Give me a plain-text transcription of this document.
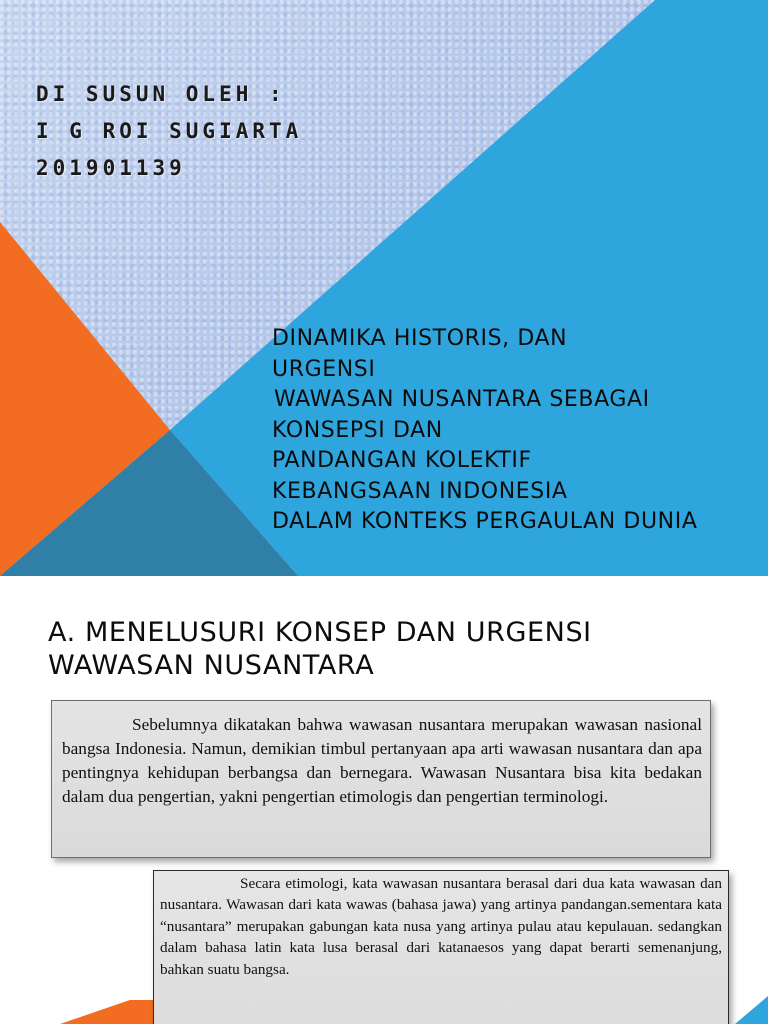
DI SUSUN OLEH :
I G ROI SUGIARTA
201901139
DINAMIKA HISTORIS, DAN
URGENSI
WAWASAN NUSANTARA SEBAGAI
KONSEPSI DAN
PANDANGAN KOLEKTIF
KEBANGSAAN INDONESIA
DALAM KONTEKS PERGAULAN DUNIA
A. MENELUSURI KONSEP DAN URGENSI
WAWASAN NUSANTARA
Sebelumnya dikatakan bahwa wawasan nusantara merupakan wawasan nasional bangsa Indonesia. Namun, demikian timbul pertanyaan apa arti wawasan nusantara dan apa pentingnya kehidupan berbangsa dan bernegara. Wawasan Nusantara bisa kita bedakan dalam dua pengertian, yakni pengertian etimologis dan pengertian terminologi.
Secara etimologi, kata wawasan nusantara berasal dari dua kata wawasan dan nusantara. Wawasan dari kata wawas (bahasa jawa) yang artinya pandangan.sementara kata “nusantara” merupakan gabungan kata nusa yang artinya pulau atau kepulauan. sedangkan dalam bahasa latin kata lusa berasal dari katanaesos yang dapat berarti semenanjung, bahkan suatu bangsa.
